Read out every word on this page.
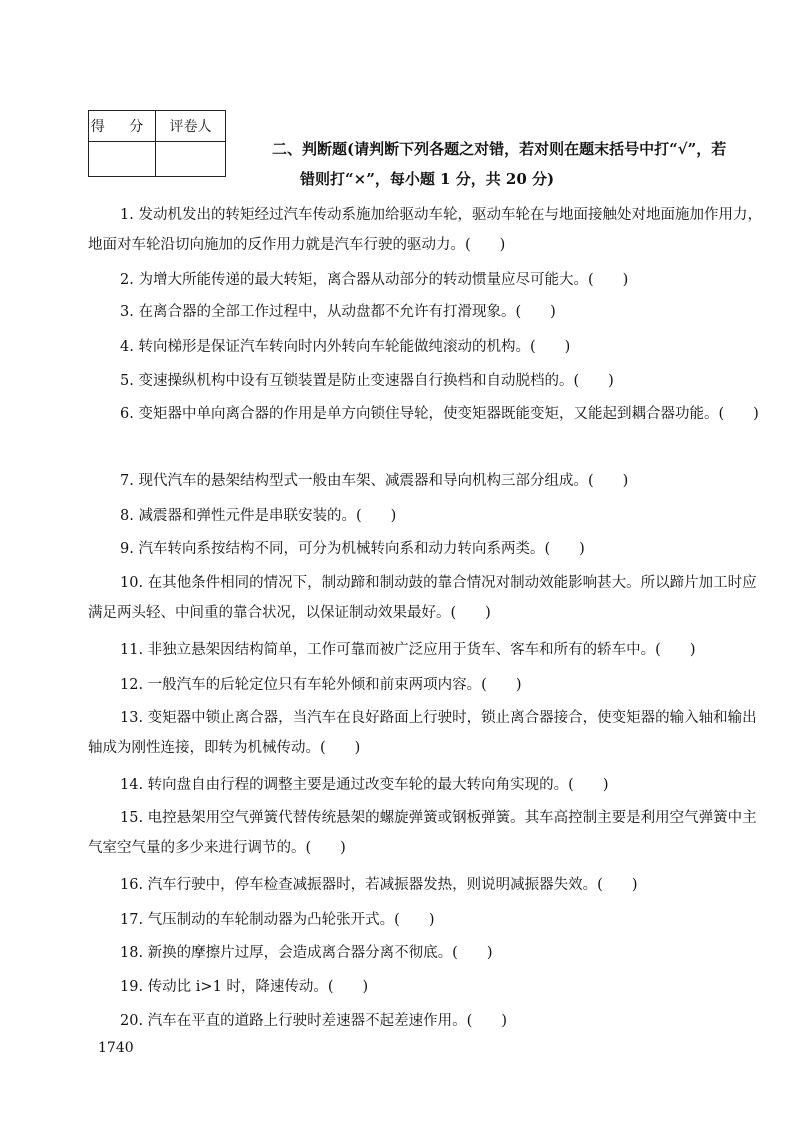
得 分	评卷人

二、判断题(请判断下列各题之对错，若对则在题末括号中打“√”，若
错则打“×”，每小题 1 分，共 20 分)
1. 发动机发出的转矩经过汽车传动系施加给驱动车轮，驱动车轮在与地面接触处对地面施加作用力，地面对车轮沿切向施加的反作用力就是汽车行驶的驱动力。(　　)
2. 为增大所能传递的最大转矩，离合器从动部分的转动惯量应尽可能大。(　　)
3. 在离合器的全部工作过程中，从动盘都不允许有打滑现象。(　　)
4. 转向梯形是保证汽车转向时内外转向车轮能做纯滚动的机构。(　　)
5. 变速操纵机构中设有互锁装置是防止变速器自行换档和自动脱档的。(　　)
6. 变矩器中单向离合器的作用是单方向锁住导轮，使变矩器既能变矩，又能起到耦合器功能。(　　)
7. 现代汽车的悬架结构型式一般由车架、减震器和导向机构三部分组成。(　　)
8. 减震器和弹性元件是串联安装的。(　　)
9. 汽车转向系按结构不同，可分为机械转向系和动力转向系两类。(　　)
10. 在其他条件相同的情况下，制动蹄和制动鼓的靠合情况对制动效能影响甚大。所以蹄片加工时应满足两头轻、中间重的靠合状况，以保证制动效果最好。(　　)
11. 非独立悬架因结构简单，工作可靠而被广泛应用于货车、客车和所有的轿车中。(　　)
12. 一般汽车的后轮定位只有车轮外倾和前束两项内容。(　　)
13. 变矩器中锁止离合器，当汽车在良好路面上行驶时，锁止离合器接合，使变矩器的输入轴和输出轴成为刚性连接，即转为机械传动。(　　)
14. 转向盘自由行程的调整主要是通过改变车轮的最大转向角实现的。(　　)
15. 电控悬架用空气弹簧代替传统悬架的螺旋弹簧或钢板弹簧。其车高控制主要是利用空气弹簧中主气室空气量的多少来进行调节的。(　　)
16. 汽车行驶中，停车检查减振器时，若减振器发热，则说明减振器失效。(　　)
17. 气压制动的车轮制动器为凸轮张开式。(　　)
18. 新换的摩擦片过厚，会造成离合器分离不彻底。(　　)
19. 传动比 i>1 时，降速传动。(　　)
20. 汽车在平直的道路上行驶时差速器不起差速作用。(　　)
1740
